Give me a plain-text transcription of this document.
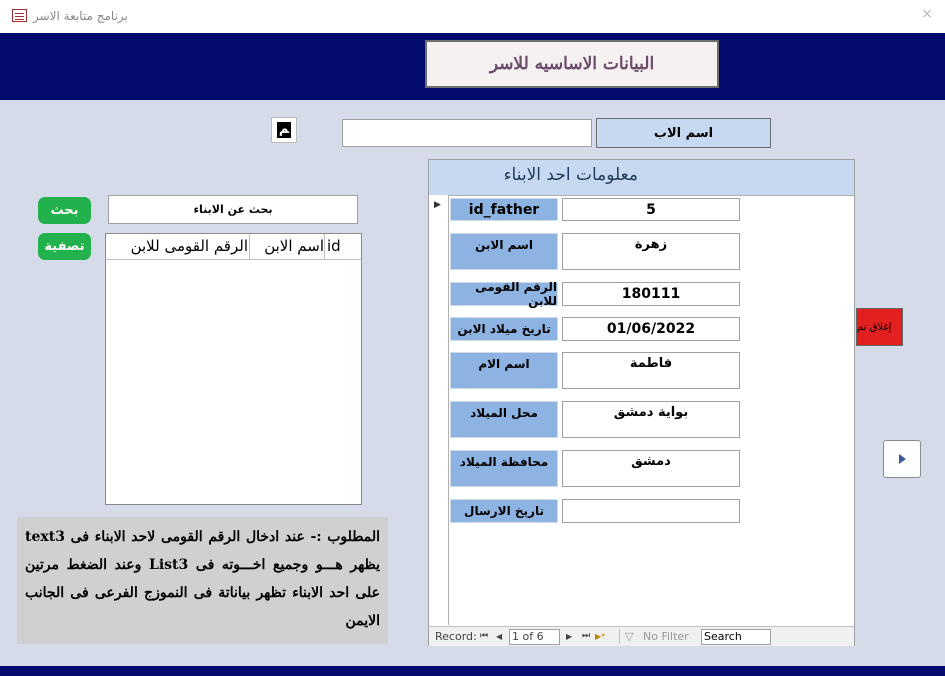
برنامج متابعة الاسر	×
البيانات الاساسيه للاسر
ﻢ	اسم الاب
بحث
تصفية
بحث عن الابناء
الرقم القومى للابن	اسم الابن id
المطلوب :- عند ادخال الرقم القومى لاحد الابناء فى text3 يظهر هـــو وجميع اخـــوته فى List3 وعند الضغط مرتين على احد الابناء تظهر بياناتة فى النموزج الفرعى فى الجانب الايمن
معلومات احد الابناء
▶	id_father	5
اسم الابن	زهرة
الرقم القومى للابن	180111
تاريخ ميلاد الابن	01/06/2022
اسم الام	فاطمة
محل الميلاد	بواية دمشق
محافظة الميلاد	دمشق
تاريخ الارسال
Record: ⏮ ◀ 1 of 6	▶ ⏭ ▶* ▽ No Filter Search
إغلاق نم
